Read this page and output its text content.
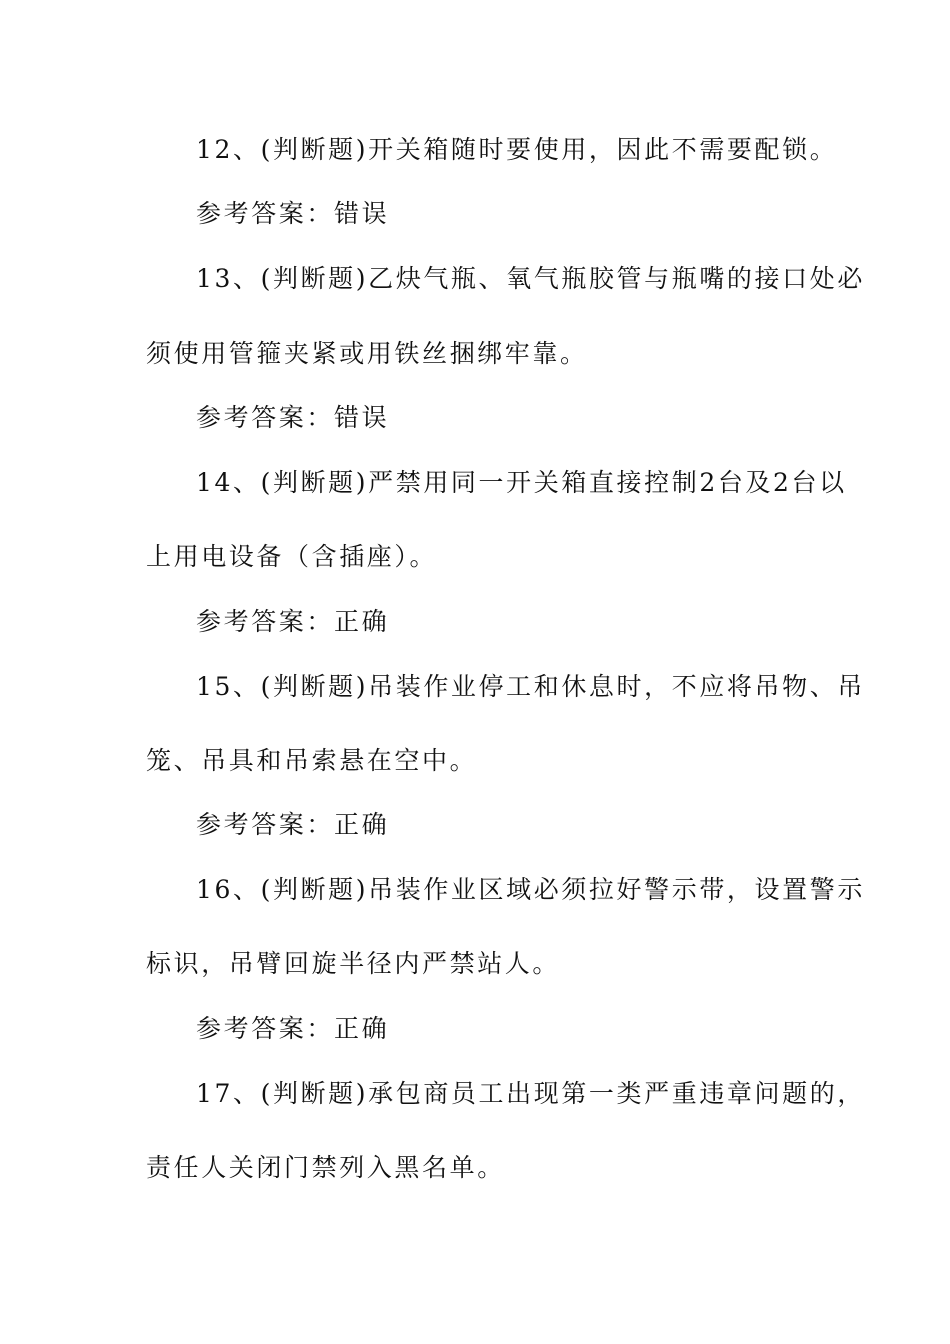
12、(判断题)开关箱随时要使用，因此不需要配锁。
参考答案：错误
13、(判断题)乙炔气瓶、氧气瓶胶管与瓶嘴的接口处必
须使用管箍夹紧或用铁丝捆绑牢靠。
参考答案：错误
14、(判断题)严禁用同一开关箱直接控制2台及2台以
上用电设备（含插座）。
参考答案：正确
15、(判断题)吊装作业停工和休息时，不应将吊物、吊
笼、吊具和吊索悬在空中。
参考答案：正确
16、(判断题)吊装作业区域必须拉好警示带，设置警示
标识，吊臂回旋半径内严禁站人。
参考答案：正确
17、(判断题)承包商员工出现第一类严重违章问题的，
责任人关闭门禁列入黑名单。
